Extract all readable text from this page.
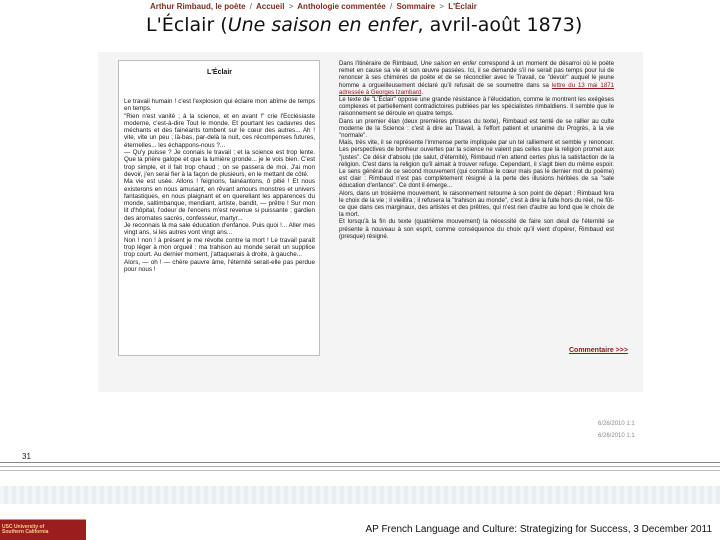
Arthur Rimbaud, le poète / Accueil > Anthologie commentée / Sommaire > L'Éclair
L'Éclair (Une saison en enfer, avril-août 1873)
L'Éclair

Le travail humain ! c'est l'explosion qui éclaire mon abîme de temps en temps.

"Rien n'est vanité ; à la science, et en avant !" crie l'Ecclésiaste moderne, c'est-à-dire Tout le monde. Et pourtant les cadavres des méchants et des fainéants tombent sur le cœur des autres... Ah ! vite, vite un peu ; là-bas, par-delà la nuit, ces récompenses futures, éternelles... les échappons-nous ?...

— Qu'y puisse ? Je connais le travail ; et la science est trop lente. Que la prière galope et que la lumière gronde... je le vois bien. C'est trop simple, et il fait trop chaud ; on se passera de moi. J'ai mon devoir, j'en serai fier à la façon de plusieurs, en le mettant de côté.

Ma vie est usée. Allons ! feignons, fainéantons, ô pitié ! Et nous existerons en nous amusant, en rêvant amours monstres et univers fantastiques, en nous plaignant et en querellant les apparences du monde, saltimbanque, mendiant, artiste, bandit, — prêtre ! Sur mon lit d'hôpital, l'odeur de l'encens m'est revenue si puissante ; gardien des aromates sacrés, confesseur, martyr...

Je reconnais là ma sale éducation d'enfance. Puis quoi !... Aller mes vingt ans, si les autres vont vingt ans...

Non ! non ! à présent je me révolte contre la mort ! Le travail paraît trop léger à mon orgueil : ma trahison au monde serait un supplice trop court. Au dernier moment, j'attaquerais à droite, à gauche...

Alors, — oh ! — chère pauvre âme, l'éternité serait-elle pas perdue pour nous !

Dans l'itinéraire de Rimbaud, Une saison en enfer correspond à un moment de désarroi où le poète remet en cause sa vie et son œuvre passées. Ici, il se demande s'il ne serait pas temps pour lui de renoncer à ses chimères de poète et de se réconcilier avec le Travail, ce "devoir" auquel le jeune homme a orgueilleusement déclaré qu'il refusait de se soumettre dans sa lettre du 13 mai 1871 adressée à Georges Izambard.

Le texte de "L'Éclair" oppose une grande résistance à l'élucidation, comme le montrent les exégèses complexes et partiellement contradictoires publiées par les spécialistes rimbaldiens. Il semble que le raisonnement se déroule en quatre temps.

Dans un premier élan (deux premières phrases du texte), Rimbaud est tenté de se rallier au culte moderne de la Science : c'est à dire au Travail, à l'effort patient et unanime du Progrès, à la vie "normale".

Mais, très vite, il se représente l'immense perte impliquée par un tel ralliement et semble y renoncer. Les perspectives de bonheur ouvertes par la science ne valent pas celles que la religion promet aux "justes". Ce désir d'absolu (de salut, d'éternité), Rimbaud n'en attend certes plus la satisfaction de la religion. C'est dans la religion qu'il aimait à trouver refuge. Cependant, il s'agit bien du même espoir. Le sens général de ce second mouvement (qui constitue le cœur mais pas le dernier mot du poème) est clair : Rimbaud n'est pas complètement résigné à la perte des illusions héritées de sa "sale éducation d'enfance". Ce dont il émerge...

Alors, dans un troisième mouvement, le raisonnement retourne à son point de départ : Rimbaud fera le choix de la vie ; il vieillira ; il refusera la "trahison au monde", c'est à dire la fuite hors du réel, ne fût-ce que dans ces marginaux, des artistes et des prêtres, qui n'est rien d'autre au fond que le choix de la mort.

Et lorsqu'à la fin du texte (quatrième mouvement) la nécessité de faire son deuil de l'éternité se présente à nouveau à son esprit, comme conséquence du choix qu'il vient d'opérer, Rimbaud est (presque) résigné.

Commentaire >>>
6/26/2010 1:1
6/26/2010 1:1
31
USC University of
Southern California	AP French Language and Culture: Strategizing for Success, 3 December 2011
